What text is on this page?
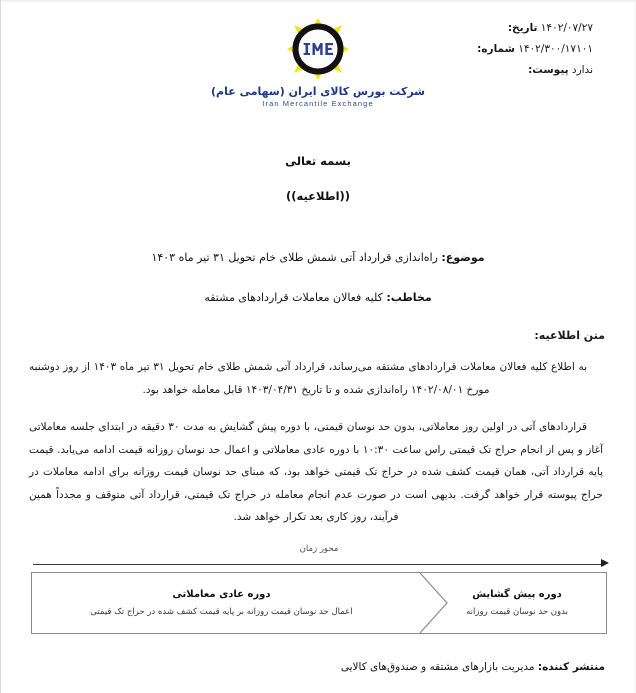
۱۴۰۲/۰۷/۲۷ تاریخ:
۱۴۰۲/۳۰۰/۱۷۱۰۱ شماره:
ندارد پیوست:
شرکت بورس کالای ایران (سهامی عام)
Iran Mercantile Exchange
بسمه تعالی
((اطلاعیه))
موضوع: راه‌اندازی قرارداد آتی شمش طلای خام تحویل ۳۱ تیر ماه ۱۴۰۳
مخاطب: کلیه فعالان معاملات قراردادهای مشتقه
متن اطلاعیه:
به اطلاع کلیه فعالان معاملات قراردادهای مشتقه می‌رساند، قرارداد آتی شمش طلای خام تحویل ۳۱ تیر ماه ۱۴۰۳ از روز دوشنبه مورخ ۱۴۰۲/۰۸/۰۱ راه‌اندازی شده و تا تاریخ ۱۴۰۳/۰۴/۳۱ قابل معامله خواهد بود.
قراردادهای آتی در اولین روز معاملاتی، بدون حد نوسان قیمتی، با دوره پیش گشایش به مدت ۳۰ دقیقه در ابتدای جلسه معاملاتی آغاز و پس از انجام حراج تک قیمتی راس ساعت ۱۰:۳۰ با دوره عادی معاملاتی و اعمال حد نوسان روزانه قیمت ادامه می‌یابد. قیمت پایه قرارداد آتی، همان قیمت کشف شده در حراج تک قیمتی خواهد بود، که مبنای حد نوسان قیمت روزانه برای ادامه معاملات در حراج پیوسته قرار خواهد گرفت. بدیهی است در صورت عدم انجام معامله در حراج تک قیمتی، قرارداد آتی متوقف و مجدداً همین فرآیند، روز کاری بعد تکرار خواهد شد.
محور زمان
دوره پیش گشایش
بدون حد نوسان قیمت روزانه
دوره عادی معاملاتی
اعمال حد نوسان قیمت روزانه بر پایه قیمت کشف شده در حراج تک قیمتی
منتشر کننده: مدیریت بازارهای مشتقه و صندوق‌های کالایی
